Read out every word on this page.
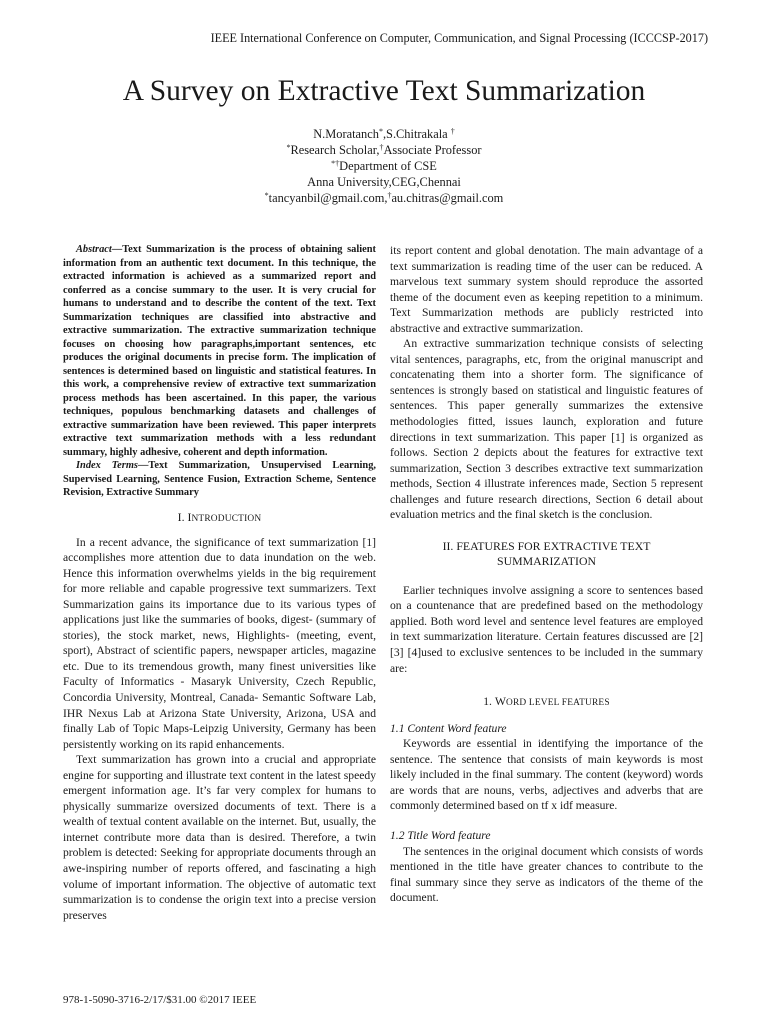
IEEE International Conference on Computer, Communication, and Signal Processing (ICCCSP-2017)
A Survey on Extractive Text Summarization
N.Moratanch*,S.Chitrakala †
*Research Scholar,†Associate Professor
*†Department of CSE
Anna University,CEG,Chennai
*tancyanbil@gmail.com,†au.chitras@gmail.com

Abstract—Text Summarization is the process of obtaining salient information from an authentic text document. In this technique, the extracted information is achieved as a summarized report and conferred as a concise summary to the user. It is very crucial for humans to understand and to describe the content of the text. Text Summarization techniques are classified into abstractive and extractive summarization. The extractive summarization technique focuses on choosing how paragraphs,important sentences, etc produces the original documents in precise form. The implication of sentences is determined based on linguistic and statistical features. In this work, a comprehensive review of extractive text summarization process methods has been ascertained. In this paper, the various techniques, populous benchmarking datasets and challenges of extractive summarization have been reviewed. This paper interprets extractive text summarization methods with a less redundant summary, highly adhesive, coherent and depth information.

Index Terms—Text Summarization, Unsupervised Learning, Supervised Learning, Sentence Fusion, Extraction Scheme, Sentence Revision, Extractive Summary

I. INTRODUCTION

In a recent advance, the significance of text summarization [1] accomplishes more attention due to data inundation on the web. Hence this information overwhelms yields in the big requirement for more reliable and capable progressive text summarizers. Text Summarization gains its importance due to its various types of applications just like the summaries of books, digest- (summary of stories), the stock market, news, Highlights- (meeting, event, sport), Abstract of scientific papers, newspaper articles, magazine etc. Due to its tremendous growth, many finest universities like Faculty of Informatics - Masaryk University, Czech Republic, Concordia University, Montreal, Canada- Semantic Software Lab, IHR Nexus Lab at Arizona State University, Arizona, USA and finally Lab of Topic Maps-Leipzig University, Germany has been persistently working on its rapid enhancements.

Text summarization has grown into a crucial and appropriate engine for supporting and illustrate text content in the latest speedy emergent information age. It’s far very complex for humans to physically summarize oversized documents of text. There is a wealth of textual content available on the internet. But, usually, the internet contribute more data than is desired. Therefore, a twin problem is detected: Seeking for appropriate documents through an awe-inspiring number of reports offered, and fascinating a high volume of important information. The objective of automatic text summarization is to condense the origin text into a precise version preserves

its report content and global denotation. The main advantage of a text summarization is reading time of the user can be reduced. A marvelous text summary system should reproduce the assorted theme of the document even as keeping repetition to a minimum. Text Summarization methods are publicly restricted into abstractive and extractive summarization.

An extractive summarization technique consists of selecting vital sentences, paragraphs, etc, from the original manuscript and concatenating them into a shorter form. The significance of sentences is strongly based on statistical and linguistic features of sentences. This paper generally summarizes the extensive methodologies fitted, issues launch, exploration and future directions in text summarization. This paper [1] is organized as follows. Section 2 depicts about the features for extractive text summarization, Section 3 describes extractive text summarization methods, Section 4 illustrate inferences made, Section 5 represent challenges and future research directions, Section 6 detail about evaluation metrics and the final sketch is the conclusion.

II. FEATURES FOR EXTRACTIVE TEXT
SUMMARIZATION

Earlier techniques involve assigning a score to sentences based on a countenance that are predefined based on the methodology applied. Both word level and sentence level features are employed in text summarization literature. Certain features discussed are [2] [3] [4]used to exclusive sentences to be included in the summary are:

1. WORD LEVEL FEATURES

1.1 Content Word feature

Keywords are essential in identifying the importance of the sentence. The sentence that consists of main keywords is most likely included in the final summary. The content (keyword) words are words that are nouns, verbs, adjectives and adverbs that are commonly determined based on tf x idf measure.

1.2 Title Word feature

The sentences in the original document which consists of words mentioned in the title have greater chances to contribute to the final summary since they serve as indicators of the theme of the document.

978-1-5090-3716-2/17/$31.00 ©2017 IEEE
